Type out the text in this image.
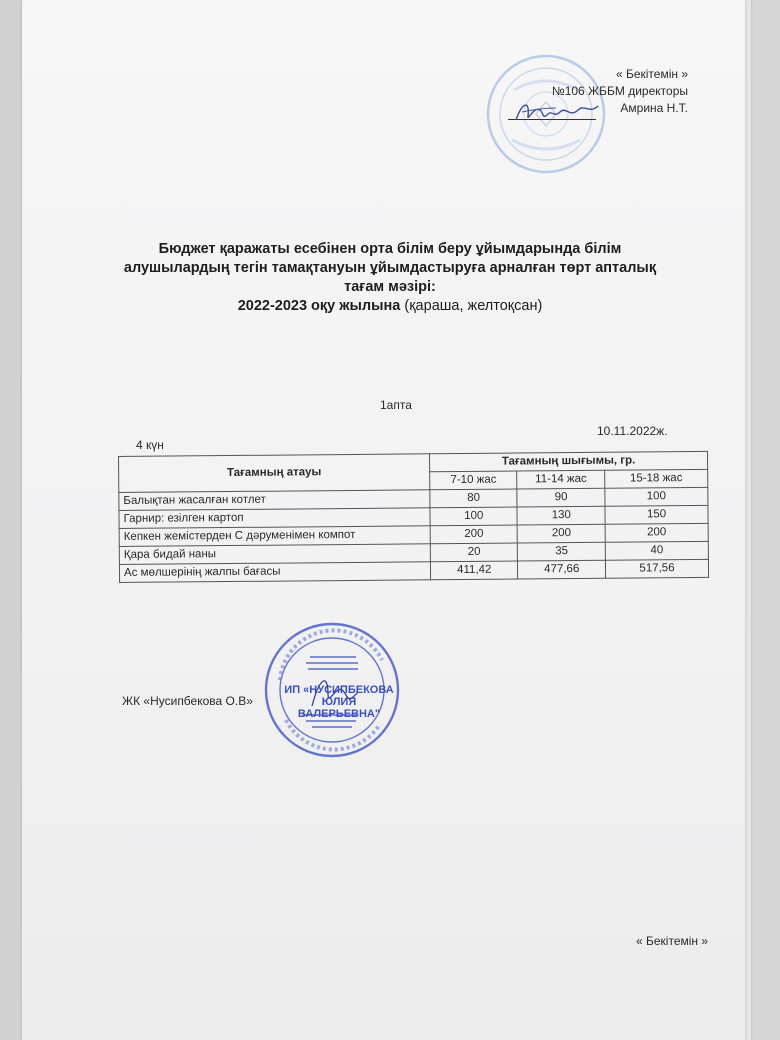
« Бекітемін »
№106 ЖББМ директоры
Амрина Н.Т.
Бюджет қаражаты есебінен орта білім беру ұйымдарында білім
алушылардың тегін тамақтануын ұйымдастыруға арналған төрт апталық
тағам мәзірі:
2022-2023 оқу жылына (қараша, желтоқсан)
1апта
10.11.2022ж.
4 күн
Тағамның атауы	Тағамның шығымы, гр.		
	7-10 жас	11-14 жас	15-18 жас
Балықтан жасалған котлет	80	90	100
Гарнир: езілген картоп	100	130	150
Кепкен жемістерден С дәруменімен компот	200	200	200
Қара бидай наны	20	35	40
Ас мөлшерінің жалпы бағасы	411,42	477,66	517,56
ЖК «Нусипбекова О.В»
ИП «НУСИПБЕКОВА
ЮЛИЯ ВАЛЕРЬЕВНА"
« Бекітемін »
